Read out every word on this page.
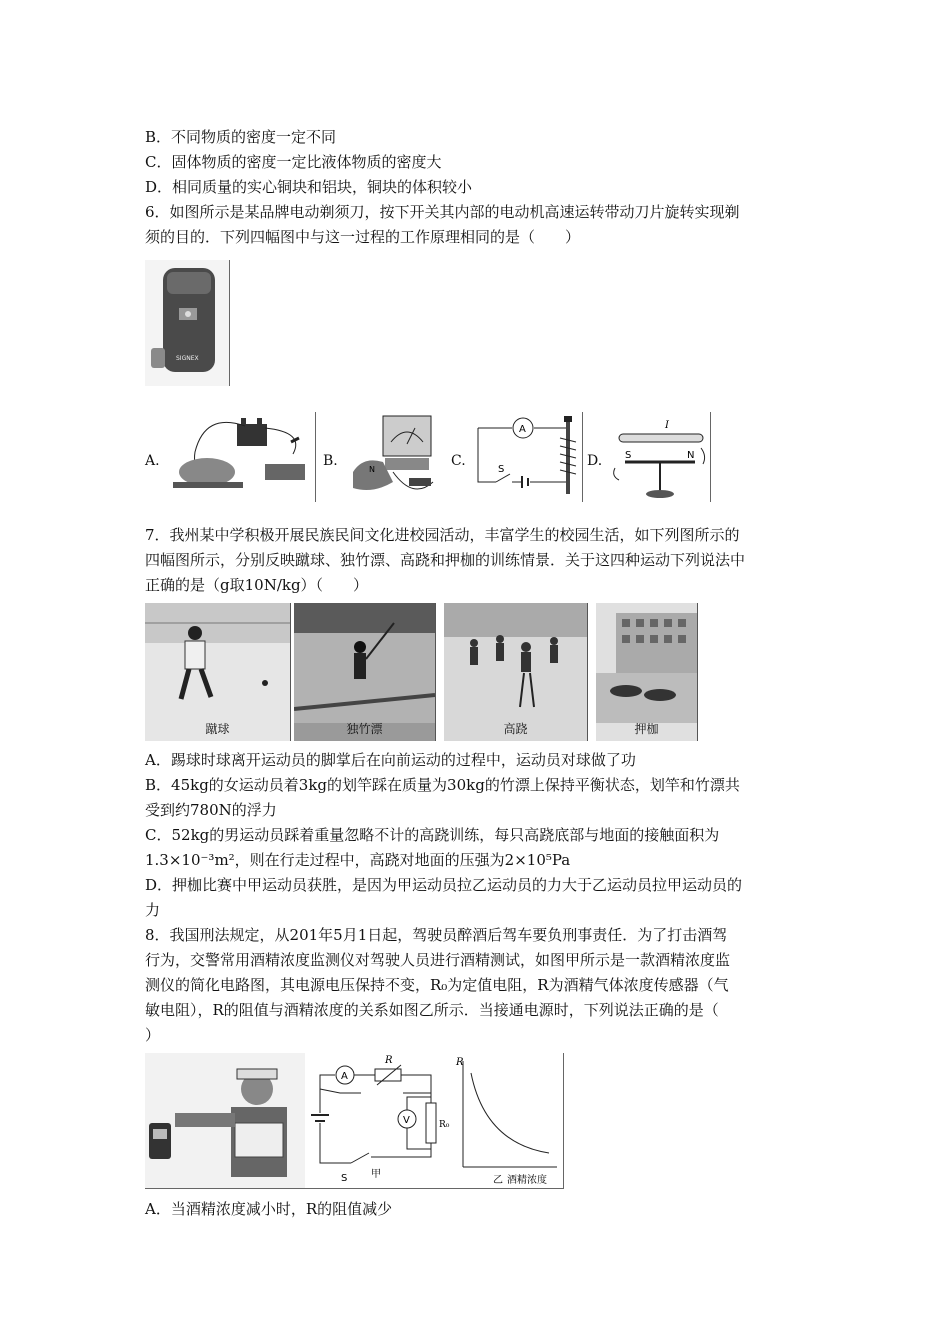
B．不同物质的密度一定不同
C．固体物质的密度一定比液体物质的密度大
D．相同质量的实心铜块和铝块，铜块的体积较小
6．如图所示是某品牌电动剃须刀，按下开关其内部的电动机高速运转带动刀片旋转实现剃
须的目的．下列四幅图中与这一过程的工作原理相同的是（　　）
SIGNEX
A.	B.
N
C.
A
S
D.
I
S	N
7．我州某中学积极开展民族民间文化进校园活动，丰富学生的校园生活，如下列图所示的
四幅图所示，分别反映蹴球、独竹漂、高跷和押枷的训练情景．关于这四种运动下列说法中
正确的是（g取10N/kg）（　　）
蹴球	独竹漂	高跷	押枷
A．踢球时球离开运动员的脚掌后在向前运动的过程中，运动员对球做了功
B．45kg的女运动员着3kg的划竿踩在质量为30kg的竹漂上保持平衡状态，划竿和竹漂共
受到约780N的浮力
C．52kg的男运动员踩着重量忽略不计的高跷训练，每只高跷底部与地面的接触面积为
1.3×10⁻³m²，则在行走过程中，高跷对地面的压强为2×10⁵Pa
D．押枷比赛中甲运动员获胜，是因为甲运动员拉乙运动员的力大于乙运动员拉甲运动员的
力
8．我国刑法规定，从201年5月1日起，驾驶员醉酒后驾车要负刑事责任．为了打击酒驾
行为，交警常用酒精浓度监测仪对驾驶人员进行酒精测试，如图甲所示是一款酒精浓度监
测仪的简化电路图，其电源电压保持不变，R₀为定值电阻，R为酒精气体浓度传感器（气
敏电阻），R的阻值与酒精浓度的关系如图乙所示．当接通电源时，下列说法正确的是（
）
A
R
V	R₀
S 甲
R
乙 酒精浓度
A．当酒精浓度减小时，R的阻值减少
